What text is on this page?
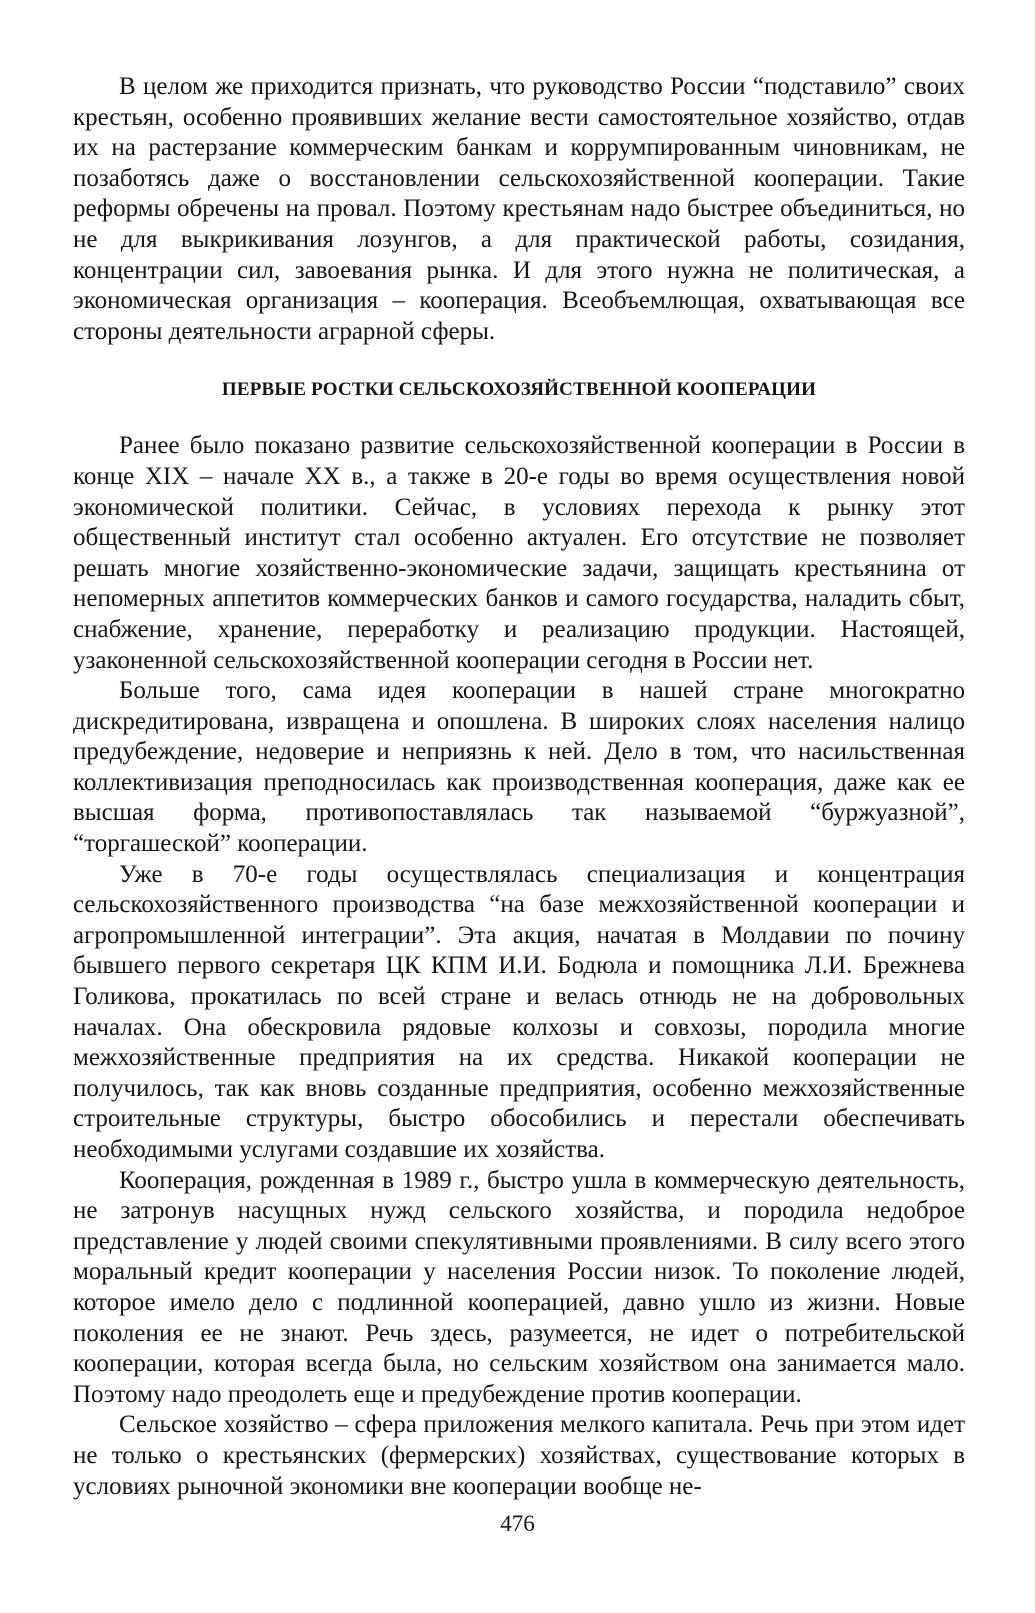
В целом же приходится признать, что руководство России “подставило” своих крестьян, особенно проявивших желание вести самостоятельное хозяйство, отдав их на растерзание коммерческим банкам и коррумпированным чиновникам, не позаботясь даже о восстановлении сельскохозяйственной кооперации. Такие реформы обречены на провал. Поэтому крестьянам надо быстрее объединиться, но не для выкрикивания лозунгов, а для практической работы, созидания, концентрации сил, завоевания рынка. И для этого нужна не политическая, а экономическая организация – кооперация. Всеобъемлющая, охватывающая все стороны деятельности аграрной сферы.

ПЕРВЫЕ РОСТКИ СЕЛЬСКОХОЗЯЙСТВЕННОЙ КООПЕРАЦИИ

Ранее было показано развитие сельскохозяйственной кооперации в России в конце XIX – начале XX в., а также в 20-е годы во время осуществления новой экономической политики. Сейчас, в условиях перехода к рынку этот общественный институт стал особенно актуален. Его отсутствие не позволяет решать многие хозяйственно-экономические задачи, защищать крестьянина от непомерных аппетитов коммерческих банков и самого государства, наладить сбыт, снабжение, хранение, переработку и реализацию продукции. Настоящей, узаконенной сельскохозяйственной кооперации сегодня в России нет.

Больше того, сама идея кооперации в нашей стране многократно дискредитирована, извращена и опошлена. В широких слоях населения налицо предубеждение, недоверие и неприязнь к ней. Дело в том, что насильственная коллективизация преподносилась как производственная кооперация, даже как ее высшая форма, противопоставлялась так называемой “буржуазной”, “торгашеской” кооперации.

Уже в 70-е годы осуществлялась специализация и концентрация сельскохозяйственного производства “на базе межхозяйственной кооперации и агропромышленной интеграции”. Эта акция, начатая в Молдавии по почину бывшего первого секретаря ЦК КПМ И.И. Бодюла и помощника Л.И. Брежнева Голикова, прокатилась по всей стране и велась отнюдь не на добровольных началах. Она обескровила рядовые колхозы и совхозы, породила многие межхозяйственные предприятия на их средства. Никакой кооперации не получилось, так как вновь созданные предприятия, особенно межхозяйственные строительные структуры, быстро обособились и перестали обеспечивать необходимыми услугами создавшие их хозяйства.

Кооперация, рожденная в 1989 г., быстро ушла в коммерческую деятельность, не затронув насущных нужд сельского хозяйства, и породила недоброе представление у людей своими спекулятивными проявлениями. В силу всего этого моральный кредит кооперации у населения России низок. То поколение людей, которое имело дело с подлинной кооперацией, давно ушло из жизни. Новые поколения ее не знают. Речь здесь, разумеется, не идет о потребительской кооперации, которая всегда была, но сельским хозяйством она занимается мало. Поэтому надо преодолеть еще и предубеждение против кооперации.

Сельское хозяйство – сфера приложения мелкого капитала. Речь при этом идет не только о крестьянских (фермерских) хозяйствах, существование которых в условиях рыночной экономики вне кооперации вообще не-

476
